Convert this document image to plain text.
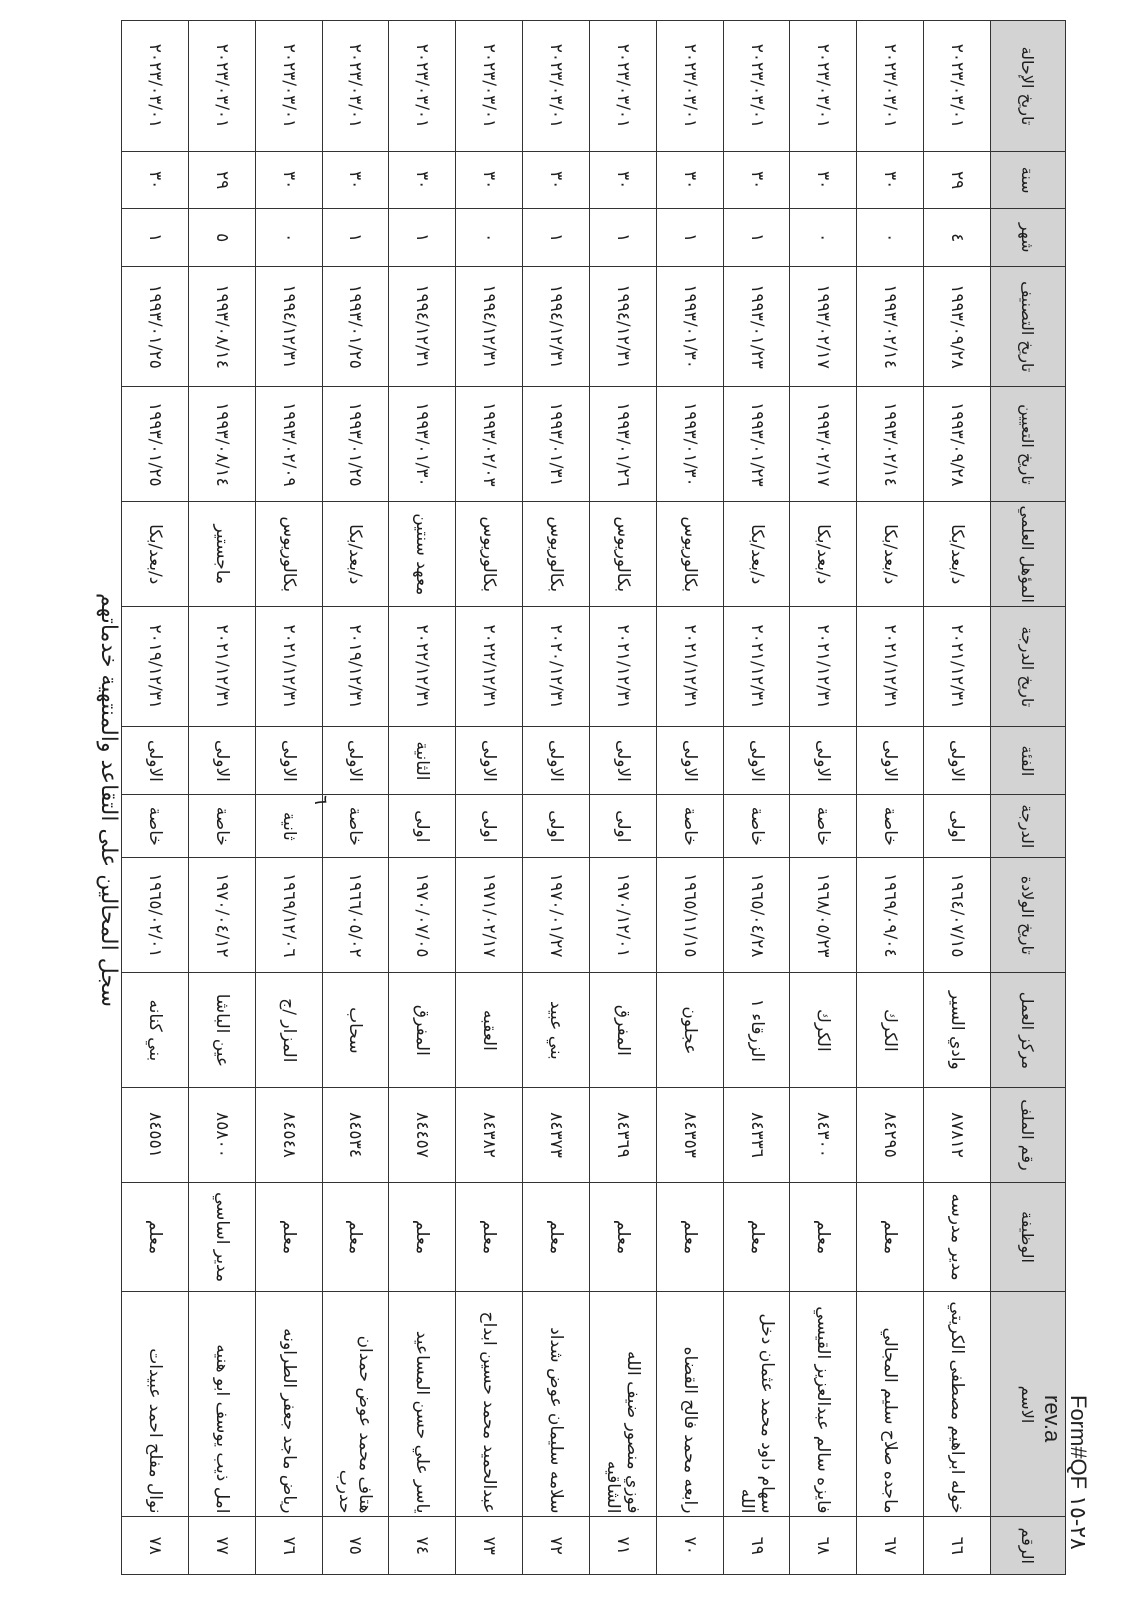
الرقم	الاسم	الوظيفة	رقم الملف	مركز العمل	تاريخ الولادة	الدرجة	الفئة	تاريخ الدرجة	المؤهل العلمي	تاريخ التعيين	تاريخ التصنيف	شهر	سنة	تاريخ الإحالة
٦٦	خوله ابراهيم مصطفى الكريتي	مدير مدرسه	٨٧٨١٢	وادي السير	١٩٦٤/٠٧/١٥	اولى	الاولى	٢٠٢١/١٢/٣١	د/بعد/بكا	١٩٩٣/٠٩/٢٨	١٩٩٣/٠٩/٢٨	٤	٢٩	٢٠٢٣/٠٣/٠١
٦٧	ماجده صلاح سليم المجالي	معلم	٨٤٢٩٥	الكرك	١٩٦٩/٠٩/٠٤	خاصة	الاولى	٢٠٢١/١٢/٣١	د/بعد/بكا	١٩٩٣/٠٢/١٤	١٩٩٣/٠٢/١٤	٠	٣٠	٢٠٢٣/٠٣/٠١
٦٨	فايزه سالم عبدالعزيز القيسي	معلم	٨٤٣٠٠	الكرك	١٩٦٨/٠٥/٢٣	خاصة	الاولى	٢٠٢١/١٢/٣١	د/بعد/بكا	١٩٩٣/٠٢/١٧	١٩٩٣/٠٢/١٧	٠	٣٠	٢٠٢٣/٠٣/٠١
٦٩	سهام داود محمد عثمان دخل الله	معلم	٨٤٣٣٦	الزرقاء ١	١٩٦٥/٠٤/٢٨	خاصة	الاولى	٢٠٢١/١٢/٣١	د/بعد/بكا	١٩٩٣/٠١/٢٣	١٩٩٣/٠١/٢٣	١	٣٠	٢٠٢٣/٠٣/٠١
٧٠	رابعه محمد فالح القضاه	معلم	٨٤٣٥٣	عجلون	١٩٦٥/١١/١٥	خاصة	الاولى	٢٠٢١/١٢/٣١	بكالوريوس	١٩٩٣/٠١/٣٠	١٩٩٣/٠١/٣٠	١	٣٠	٢٠٢٣/٠٣/٠١
٧١	فوزي منصور ضيف الله الشاقيه	معلم	٨٤٣٦٩	المفرق	١٩٧٠/١٢/٠١	اولى	الاولى	٢٠٢١/١٢/٣١	بكالوريوس	١٩٩٣/٠١/٢٦	١٩٩٤/١٢/٣١	١	٣٠	٢٠٢٣/٠٣/٠١
٧٢	سلامه سليمان عوض شداد	معلم	٨٤٣٧٣	بني عبيد	١٩٧٠/٠١/٢٧	اولى	الاولى	٢٠٢٠/١٢/٣١	بكالوريوس	١٩٩٣/٠١/٣١	١٩٩٤/١٢/٣١	١	٣٠	٢٠٢٣/٠٣/٠١
٧٣	عبدالحميد محمد حسين ابداح	معلم	٨٤٣٨٢	العقبه	١٩٧١/٠٢/١٧	اولى	الاولى	٢٠٢٢/١٢/٣١	بكالوريوس	١٩٩٣/٠٢/٠٣	١٩٩٤/١٢/٣١	٠	٣٠	٢٠٢٣/٠٣/٠١
٧٤	ياسر علي حسن المساعيد	معلم	٨٤٤٥٧	المفرق	١٩٧٠/٠٧/٠٥	اولى	الثانية	٢٠٢٢/١٢/٣١	معهد سنتين	١٩٩٣/٠١/٣٠	١٩٩٤/١٢/٣١	١	٣٠	٢٠٢٣/٠٣/٠١
٧٥	هتاف محمد عوض حمدان حدرب	معلم	٨٤٥٣٤	سحاب	١٩٦٦/٠٥/٠٢	خاصة	الاولى	٢٠١٩/١٢/٣١	د/بعد/بكا	١٩٩٣/٠١/٢٥	١٩٩٣/٠١/٢٥	١	٣٠	٢٠٢٣/٠٣/٠١
٧٦	رياض ماجد جعفر الطراونه	معلم	٨٤٥٤٨	المزار /ج	١٩٦٩/١٢/٠٦	ثانية	الاولى	٢٠٢١/١٢/٣١	بكالوريوس	١٩٩٣/٠٢/٠٩	١٩٩٤/١٢/٣١	٠	٣٠	٢٠٢٣/٠٣/٠١
٧٧	امل ذيب يوسف ابو هنيه	مدير اساسي	٨٥٨٠٠	عين الباشا	١٩٧٠/٠٤/١٢	خاصة	الاولى	٢٠٢١/١٢/٣١	ماجستير	١٩٩٣/٠٨/١٤	١٩٩٣/٠٨/١٤	٥	٢٩	٢٠٢٣/٠٣/٠١
٧٨	نوال مفلح احمد عبيدات	معلم	٨٤٥٥١	بني كنانه	١٩٦٥/٠٢/٠١	خاصة	الاولى	٢٠١٩/١٢/٣١	د/بعد/بكا	١٩٩٣/٠١/٢٥	١٩٩٣/٠١/٢٥	١	٣٠	٢٠٢٣/٠٣/٠١
سجل المحالين على التقاعد والمنتهية خدماتهم	٦
Form#QF ٢٨-١٥ rev.a
